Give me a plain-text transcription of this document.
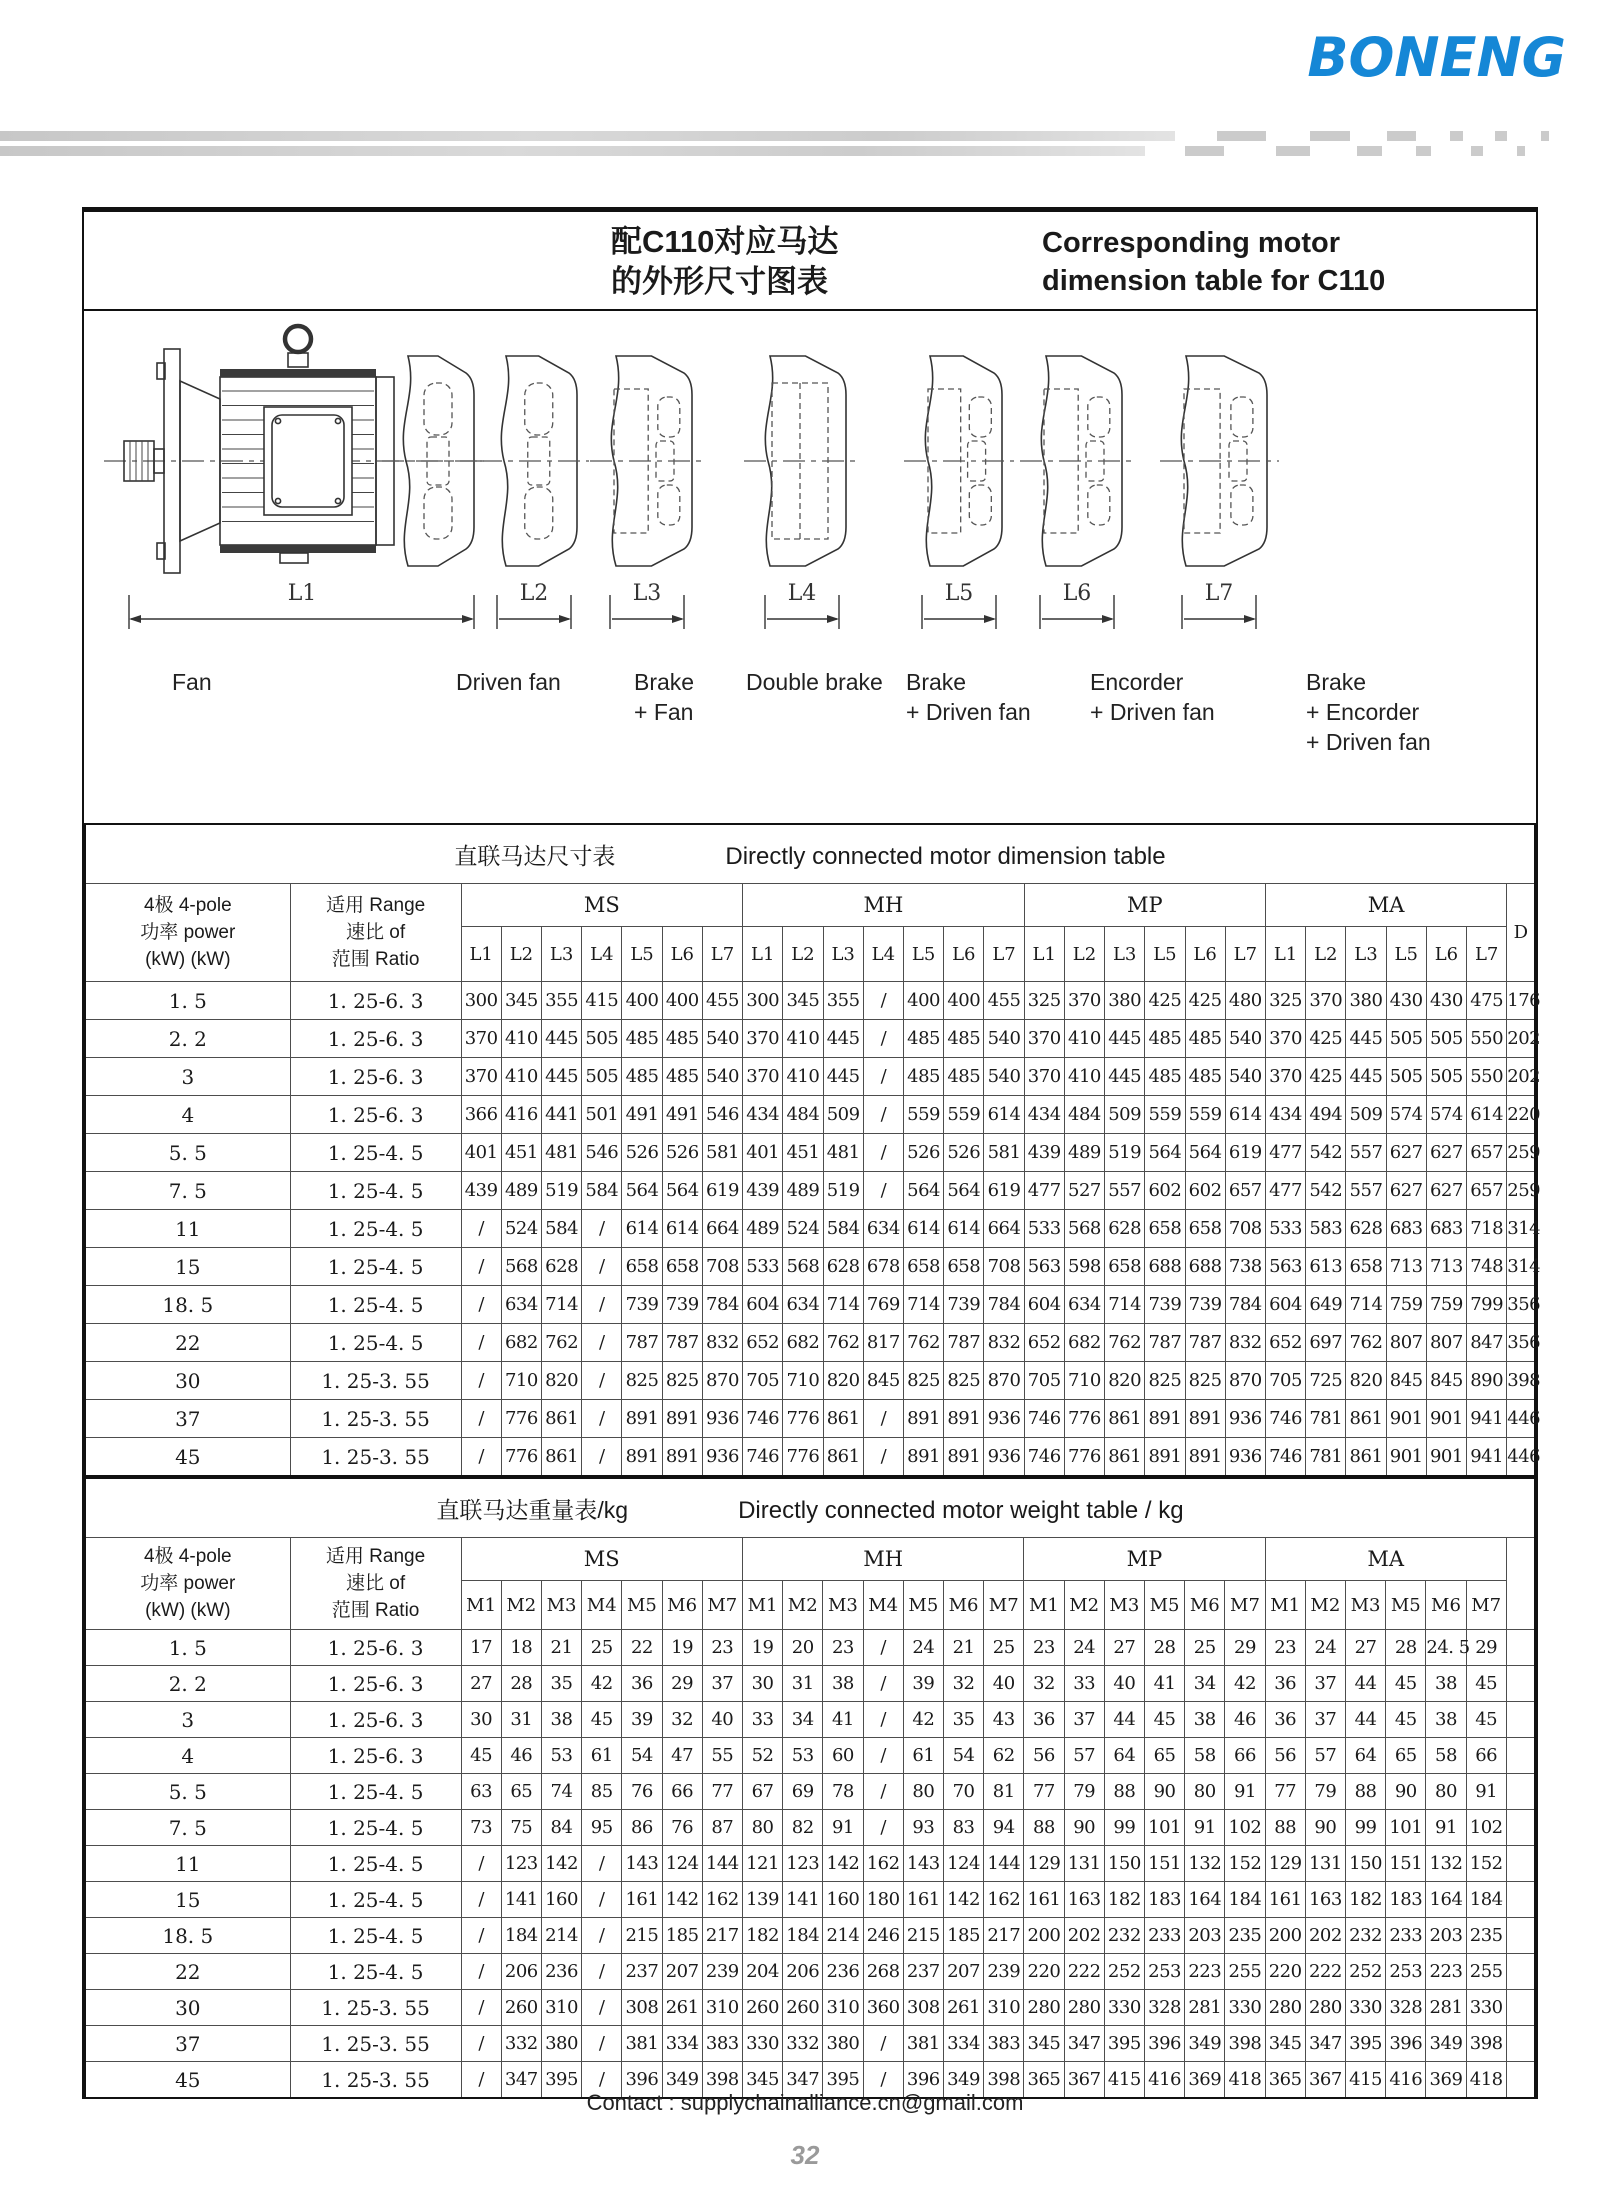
BONENG
配C110对应马达
的外形尺寸图表
Corresponding motor
dimension table for C110
L1	L2	L3	L4	L5	L6	L7
Fan	Driven fan	Brake
+ Fan
Double brake Brake
+ Driven fan
Encorder
+ Driven fan
Brake
+ Encorder
+ Driven fan
直联马达尺寸表 Directly connected motor dimension table																												

4极 4-pole
功率 power
(kW) (kW)

适用 Range
速比 of
范围 Ratio
	MS	MH	MP	MA	D
		L1	L2	L3	L4	L5	L6	L7	L1	L2	L3	L4	L5	L6	L7	L1	L2	L3	L5	L6	L7	L1	L2	L3	L5	L6	L7	
1. 5	1. 25-6. 3	300	345	355	415	400	400	455	300	345	355	/	400	400	455	325	370	380	425	425	480	325	370	380	430	430	475	176
2. 2	1. 25-6. 3	370	410	445	505	485	485	540	370	410	445	/	485	485	540	370	410	445	485	485	540	370	425	445	505	505	550	202
3	1. 25-6. 3	370	410	445	505	485	485	540	370	410	445	/	485	485	540	370	410	445	485	485	540	370	425	445	505	505	550	202
4	1. 25-6. 3	366	416	441	501	491	491	546	434	484	509	/	559	559	614	434	484	509	559	559	614	434	494	509	574	574	614	220
5. 5	1. 25-4. 5	401	451	481	546	526	526	581	401	451	481	/	526	526	581	439	489	519	564	564	619	477	542	557	627	627	657	259
7. 5	1. 25-4. 5	439	489	519	584	564	564	619	439	489	519	/	564	564	619	477	527	557	602	602	657	477	542	557	627	627	657	259
11	1. 25-4. 5	/	524	584	/	614	614	664	489	524	584	634	614	614	664	533	568	628	658	658	708	533	583	628	683	683	718	314
15	1. 25-4. 5	/	568	628	/	658	658	708	533	568	628	678	658	658	708	563	598	658	688	688	738	563	613	658	713	713	748	314
18. 5	1. 25-4. 5	/	634	714	/	739	739	784	604	634	714	769	714	739	784	604	634	714	739	739	784	604	649	714	759	759	799	356
22	1. 25-4. 5	/	682	762	/	787	787	832	652	682	762	817	762	787	832	652	682	762	787	787	832	652	697	762	807	807	847	356
30	1. 25-3. 55	/	710	820	/	825	825	870	705	710	820	845	825	825	870	705	710	820	825	825	870	705	725	820	845	845	890	398
37	1. 25-3. 55	/	776	861	/	891	891	936	746	776	861	/	891	891	936	746	776	861	891	891	936	746	781	861	901	901	941	446
45	1. 25-3. 55	/	776	861	/	891	891	936	746	776	861	/	891	891	936	746	776	861	891	891	936	746	781	861	901	901	941	446
直联马达重量表/kg Directly connected motor weight table / kg																												

4极 4-pole
功率 power
(kW) (kW)

适用 Range
速比 of
范围 Ratio
	MS	MH	MP	MA	
		M1	M2	M3	M4	M5	M6	M7	M1	M2	M3	M4	M5	M6	M7	M1	M2	M3	M5	M6	M7	M1	M2	M3	M5	M6	M7	
1. 5	1. 25-6. 3	17	18	21	25	22	19	23	19	20	23	/	24	21	25	23	24	27	28	25	29	23	24	27	28	24. 5	29	
2. 2	1. 25-6. 3	27	28	35	42	36	29	37	30	31	38	/	39	32	40	32	33	40	41	34	42	36	37	44	45	38	45	
3	1. 25-6. 3	30	31	38	45	39	32	40	33	34	41	/	42	35	43	36	37	44	45	38	46	36	37	44	45	38	45	
4	1. 25-6. 3	45	46	53	61	54	47	55	52	53	60	/	61	54	62	56	57	64	65	58	66	56	57	64	65	58	66	
5. 5	1. 25-4. 5	63	65	74	85	76	66	77	67	69	78	/	80	70	81	77	79	88	90	80	91	77	79	88	90	80	91	
7. 5	1. 25-4. 5	73	75	84	95	86	76	87	80	82	91	/	93	83	94	88	90	99	101	91	102	88	90	99	101	91	102	
11	1. 25-4. 5	/	123	142	/	143	124	144	121	123	142	162	143	124	144	129	131	150	151	132	152	129	131	150	151	132	152	
15	1. 25-4. 5	/	141	160	/	161	142	162	139	141	160	180	161	142	162	161	163	182	183	164	184	161	163	182	183	164	184	
18. 5	1. 25-4. 5	/	184	214	/	215	185	217	182	184	214	246	215	185	217	200	202	232	233	203	235	200	202	232	233	203	235	
22	1. 25-4. 5	/	206	236	/	237	207	239	204	206	236	268	237	207	239	220	222	252	253	223	255	220	222	252	253	223	255	
30	1. 25-3. 55	/	260	310	/	308	261	310	260	260	310	360	308	261	310	280	280	330	328	281	330	280	280	330	328	281	330	
37	1. 25-3. 55	/	332	380	/	381	334	383	330	332	380	/	381	334	383	345	347	395	396	349	398	345	347	395	396	349	398	
45	1. 25-3. 55	/	347	395	/	396	349	398	345	347	395	/	396	349	398	365	367	415	416	369	418	365	367	415	416	369	418	
Contact : supplychainalliance.cn@gmail.com
32
